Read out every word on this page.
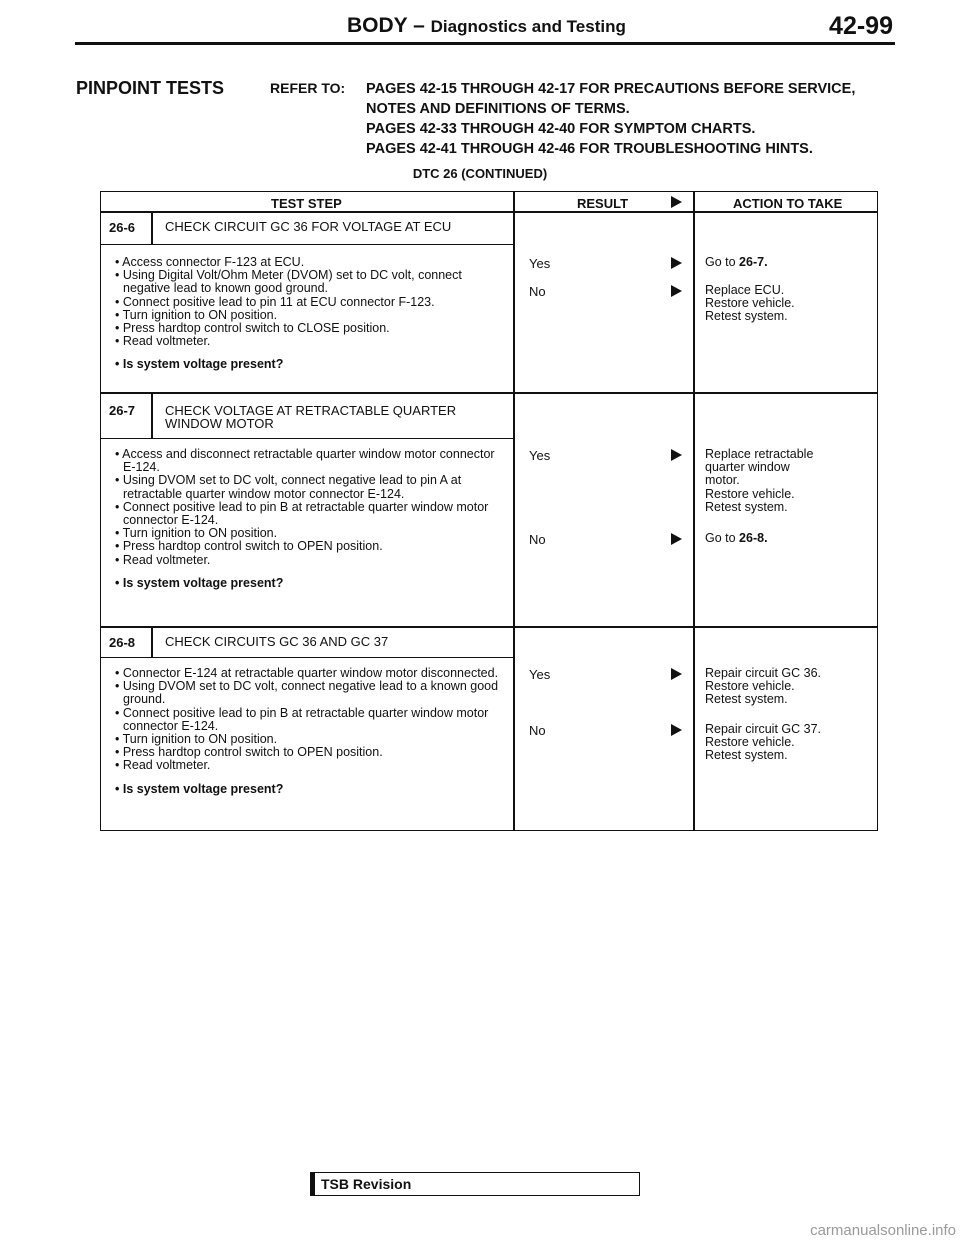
BODY – Diagnostics and Testing	42-99
PINPOINT TESTS	REFER TO: PAGES 42-15 THROUGH 42-17 FOR PRECAUTIONS BEFORE SERVICE,
NOTES AND DEFINITIONS OF TERMS.
PAGES 42-33 THROUGH 42-40 FOR SYMPTOM CHARTS.
PAGES 42-41 THROUGH 42-46 FOR TROUBLESHOOTING HINTS.
DTC 26 (CONTINUED)
TEST STEP	RESULT	ACTION TO TAKE
26-6 CHECK CIRCUIT GC 36 FOR VOLTAGE AT ECU
• Access connector F-123 at ECU.
• Using Digital Volt/Ohm Meter (DVOM) set to DC volt, connect negative lead to known good ground.
• Connect positive lead to pin 11 at ECU connector F-123.
• Turn ignition to ON position.
• Press hardtop control switch to CLOSE position.
• Read voltmeter.
• Is system voltage present?
Yes	Go to 26-7.
No	Replace ECU.
Restore vehicle.
Retest system.
26-7 CHECK VOLTAGE AT RETRACTABLE QUARTER WINDOW MOTOR
• Access and disconnect retractable quarter window motor connector E-124.
• Using DVOM set to DC volt, connect negative lead to pin A at retractable quarter window motor connector E-124.
• Connect positive lead to pin B at retractable quarter window motor connector E-124.
• Turn ignition to ON position.
• Press hardtop control switch to OPEN position.
• Read voltmeter.
• Is system voltage present?
Yes	Replace retractable
quarter window
motor.
Restore vehicle.
Retest system.
No	Go to 26-8.
26-8 CHECK CIRCUITS GC 36 AND GC 37
• Connector E-124 at retractable quarter window motor disconnected.
• Using DVOM set to DC volt, connect negative lead to a known good ground.
• Connect positive lead to pin B at retractable quarter window motor connector E-124.
• Turn ignition to ON position.
• Press hardtop control switch to OPEN position.
• Read voltmeter.
• Is system voltage present?
Yes	Repair circuit GC 36.
Restore vehicle.
Retest system.
No	Repair circuit GC 37.
Restore vehicle.
Retest system.
TSB Revision
carmanualsonline.info
